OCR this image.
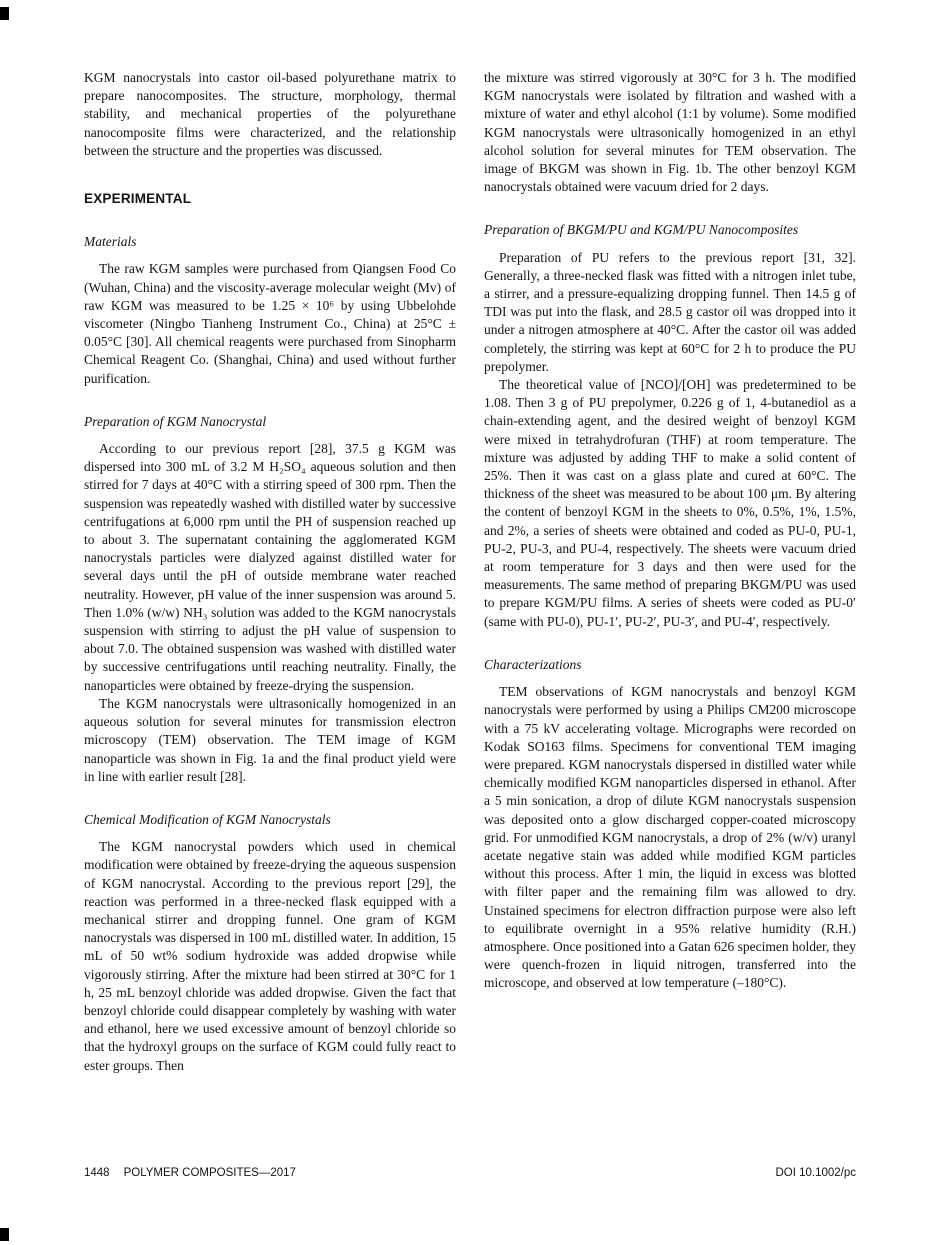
KGM nanocrystals into castor oil-based polyurethane matrix to prepare nanocomposites. The structure, morphology, thermal stability, and mechanical properties of the polyurethane nanocomposite films were characterized, and the relationship between the structure and the properties was discussed.

EXPERIMENTAL
Materials

The raw KGM samples were purchased from Qiangsen Food Co (Wuhan, China) and the viscosity-average molecular weight (Mv) of raw KGM was measured to be 1.25 × 10⁶ by using Ubbelohde viscometer (Ningbo Tianheng Instrument Co., China) at 25°C ± 0.05°C [30]. All chemical reagents were purchased from Sinopharm Chemical Reagent Co. (Shanghai, China) and used without further purification.

Preparation of KGM Nanocrystal

According to our previous report [28], 37.5 g KGM was dispersed into 300 mL of 3.2 M H₂SO₄ aqueous solution and then stirred for 7 days at 40°C with a stirring speed of 300 rpm. Then the suspension was repeatedly washed with distilled water by successive centrifugations at 6,000 rpm until the PH of suspension reached up to about 3. The supernatant containing the agglomerated KGM nanocrystals particles were dialyzed against distilled water for several days until the pH of outside membrane water reached neutrality. However, pH value of the inner suspension was around 5. Then 1.0% (w/w) NH₃ solution was added to the KGM nanocrystals suspension with stirring to adjust the pH value of suspension to about 7.0. The obtained suspension was washed with distilled water by successive centrifugations until reaching neutrality. Finally, the nanoparticles were obtained by freeze-drying the suspension.

The KGM nanocrystals were ultrasonically homogenized in an aqueous solution for several minutes for transmission electron microscopy (TEM) observation. The TEM image of KGM nanoparticle was shown in Fig. 1a and the final product yield were in line with earlier result [28].

Chemical Modification of KGM Nanocrystals

The KGM nanocrystal powders which used in chemical modification were obtained by freeze-drying the aqueous suspension of KGM nanocrystal. According to the previous report [29], the reaction was performed in a three-necked flask equipped with a mechanical stirrer and dropping funnel. One gram of KGM nanocrystals was dispersed in 100 mL distilled water. In addition, 15 mL of 50 wt% sodium hydroxide was added dropwise while vigorously stirring. After the mixture had been stirred at 30°C for 1 h, 25 mL benzoyl chloride was added dropwise. Given the fact that benzoyl chloride could disappear completely by washing with water and ethanol, here we used excessive amount of benzoyl chloride so that the hydroxyl groups on the surface of KGM could fully react to ester groups. Then

the mixture was stirred vigorously at 30°C for 3 h. The modified KGM nanocrystals were isolated by filtration and washed with a mixture of water and ethyl alcohol (1:1 by volume). Some modified KGM nanocrystals were ultrasonically homogenized in an ethyl alcohol solution for several minutes for TEM observation. The image of BKGM was shown in Fig. 1b. The other benzoyl KGM nanocrystals obtained were vacuum dried for 2 days.

Preparation of BKGM/PU and KGM/PU Nanocomposites

Preparation of PU refers to the previous report [31, 32]. Generally, a three-necked flask was fitted with a nitrogen inlet tube, a stirrer, and a pressure-equalizing dropping funnel. Then 14.5 g of TDI was put into the flask, and 28.5 g castor oil was dropped into it under a nitrogen atmosphere at 40°C. After the castor oil was added completely, the stirring was kept at 60°C for 2 h to produce the PU prepolymer.

The theoretical value of [NCO]/[OH] was predetermined to be 1.08. Then 3 g of PU prepolymer, 0.226 g of 1, 4-butanediol as a chain-extending agent, and the desired weight of benzoyl KGM were mixed in tetrahydrofuran (THF) at room temperature. The mixture was adjusted by adding THF to make a solid content of 25%. Then it was cast on a glass plate and cured at 60°C. The thickness of the sheet was measured to be about 100 μm. By altering the content of benzoyl KGM in the sheets to 0%, 0.5%, 1%, 1.5%, and 2%, a series of sheets were obtained and coded as PU-0, PU-1, PU-2, PU-3, and PU-4, respectively. The sheets were vacuum dried at room temperature for 3 days and then were used for the measurements. The same method of preparing BKGM/PU was used to prepare KGM/PU films. A series of sheets were coded as PU-0′ (same with PU-0), PU-1′, PU-2′, PU-3′, and PU-4′, respectively.

Characterizations

TEM observations of KGM nanocrystals and benzoyl KGM nanocrystals were performed by using a Philips CM200 microscope with a 75 kV accelerating voltage. Micrographs were recorded on Kodak SO163 films. Specimens for conventional TEM imaging were prepared. KGM nanocrystals dispersed in distilled water while chemically modified KGM nanoparticles dispersed in ethanol. After a 5 min sonication, a drop of dilute KGM nanocrystals suspension was deposited onto a glow discharged copper-coated microscopy grid. For unmodified KGM nanocrystals, a drop of 2% (w/v) uranyl acetate negative stain was added while modified KGM particles without this process. After 1 min, the liquid in excess was blotted with filter paper and the remaining film was allowed to dry. Unstained specimens for electron diffraction purpose were also left to equilibrate overnight in a 95% relative humidity (R.H.) atmosphere. Once positioned into a Gatan 626 specimen holder, they were quench-frozen in liquid nitrogen, transferred into the microscope, and observed at low temperature (–180°C).

1448 POLYMER COMPOSITES—2017	DOI 10.1002/pc
